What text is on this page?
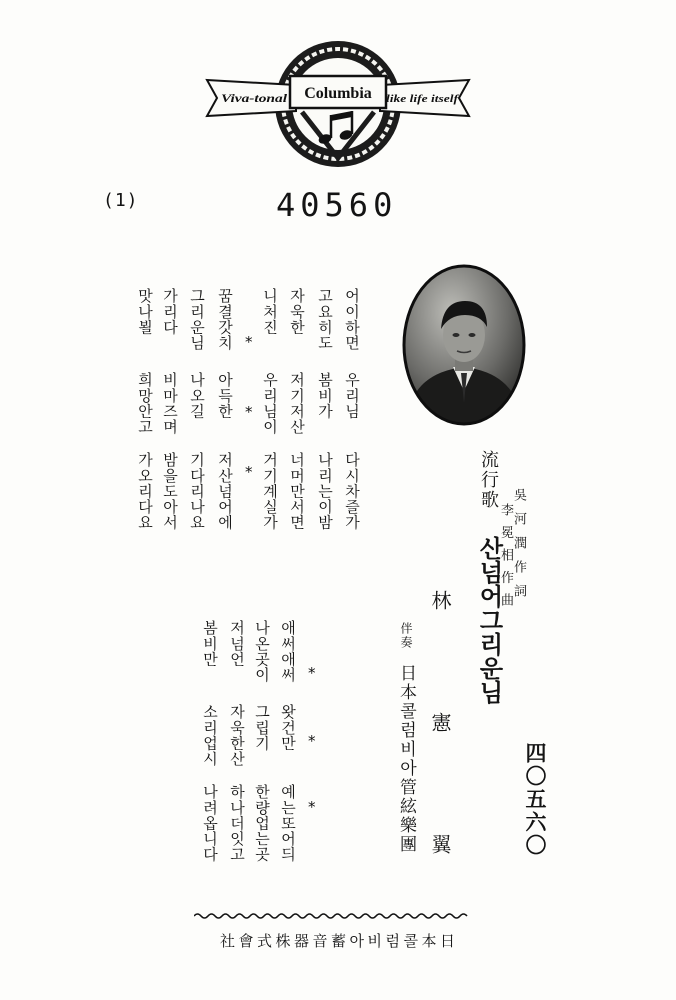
Viva-tonal Columbia like life itself
(1)	40560
四〇五六〇
吳河潤作詞
李冕相作曲
流行歌
산넘어그리운님
林憲翼
伴奏
日本콜럼비아管絃樂團
어이하면
우리님
다시차즐가
고요히도
봄비가
나리는이밤
자욱한
저기저산
너머만서면
니처진
우리님이
거기계실가
*
*
*
꿈결갓치
아득한
저산넘어에
그리운님
나오길
기다리나요
가리다
비마즈며
밤을도아서
맛나뵐
희망안고
가오리다요
*
*
*
애써애써
왓건만
예는또어듸
나온곳이
그립기
한량업는곳
저넘언
자욱한산
하나더잇고
봄비만
소리업시
나려옵니다
日本콜럼비아蓄音器株式會社
